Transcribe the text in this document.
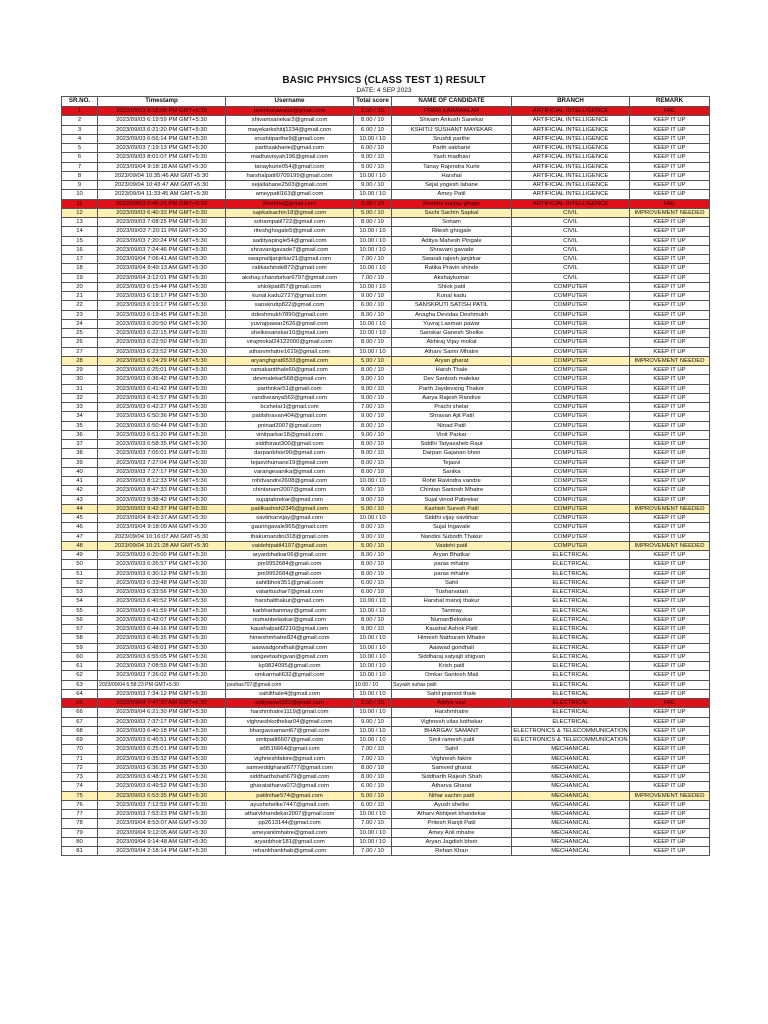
BASIC PHYSICS (CLASS TEST 1) RESULT
DATE: 4 SEP 2023
SR.NO.	Timestamp	Username	Total score	NAME OF CANDIDATE	BRANCH	REMARK
1	2023/09/03 8:18:08 PM GMT+5:30	premkarawalar@gmail.com	2.00 / 10	PREM KARAWALAR	ARTIFICIAL INTELLIGENCE	FAIL
2	2023/09/03 6:19:59 PM GMT+5:30	shivamsanekar3@gmail.com	8.00 / 10	Shivam Ankush Sanekar	ARTIFICIAL INTELLIGENCE	KEEP IT UP
3	2023/09/03 6:21:20 PM GMT+5:30	mayekarkshitij1234@gmail.com	6.00 / 10	KSHITIJ SUSHANT MAYEKAR	ARTIFICIAL INTELLIGENCE	KEEP IT UP
4	2023/09/03 6:56:14 PM GMT+5:30	srushtiparthe9@gmail.com	10.00 / 10	Srushti parthe	ARTIFICIAL INTELLIGENCE	KEEP IT UP
5	2023/09/03 7:19:13 PM GMT+5:30	parthsakharie@gmail.com	6.00 / 10	Parth sakharie	ARTIFICIAL INTELLIGENCE	KEEP IT UP
6	2023/09/03 8:01:07 PM GMT+5:30	madhavisyah196@gmail.com	9.00 / 10	Yash madhavi	ARTIFICIAL INTELLIGENCE	KEEP IT UP
7	2023/09/04 9:18:18 AM GMT+5:30	tanaykurie054@gmail.com	9.00 / 10	Tanay Rajendra Kurle	ARTIFICIAL INTELLIGENCE	KEEP IT UP
8	2023/09/04 10:35:46 AM GMT+5:30	harshalpatil0709199@gmail.com	10.00 / 10	Harshal	ARTIFICIAL INTELLIGENCE	KEEP IT UP
9	2023/09/04 10:43:47 AM GMT+5:30	sejallahane2503@gmail.com	9.00 / 10	Sejal yogesh lahane	ARTIFICIAL INTELLIGENCE	KEEP IT UP
10	2023/09/04 11:33:45 AM GMT+5:30	ameypatil163@gmail.com	10.00 / 10	Amey Patil	ARTIFICIAL INTELLIGENCE	KEEP IT UP
11	2023/09/03 6:46:21 PM GMT+5:30	Reshmi@gmail.com	3.00 / 10	Reshmi sanjay ghoge	ARTIFICIAL INTELLIGENCE	FAIL
12	2023/09/03 6:40:33 PM GMT+5:30	sapkalsachin18@gmail.com	5.00 / 10	Sachi Sachin Sapkal	CIVIL	IMPROVEMENT NEEDED
13	2023/09/03 7:08:25 PM GMT+5:30	sohampatil722@gmail.com	8.00 / 10	Soham	CIVIL	KEEP IT UP
14	2023/09/03 7:20:11 PM GMT+5:30	riteshghogale5@gmail.com	10.00 / 10	Ritesh ghogale	CIVIL	KEEP IT UP
15	2023/09/03 7:20:24 PM GMT+5:30	aadityapingle54@gmail.com	10.00 / 10	Aditya Mahesh Pingale	CIVIL	KEEP IT UP
16	2023/09/03 7:24:46 PM GMT+5:30	shravanigavade7@gmail.com	10.00 / 10	Shravani gavade	CIVIL	KEEP IT UP
17	2023/09/04 7:06:41 AM GMT+5:30	swapnalijanjirkar21@gmail.com	7.00 / 10	Swarali rajesh janjirkar	CIVIL	KEEP IT UP
18	2023/09/04 8:49:13 AM GMT+5:30	ratikashinde872@gmail.com	10.00 / 10	Ratika Pravin shinde	CIVIL	KEEP IT UP
19	2023/09/04 3:12:01 PM GMT+5:30	akshay.chandorkar6797@gmail.com	7.00 / 10	Akshaykumar	CIVIL	KEEP IT UP
20	2023/09/03 6:15:44 PM GMT+5:30	shlokpatil57@gmail.com	10.00 / 10	Shlok patil	COMPUTER	KEEP IT UP
21	2023/09/03 6:18:17 PM GMT+5:30	kunal.kadu2727@gmail.com	9.00 / 10	Kunal kadu	COMPUTER	KEEP IT UP
22	2023/09/03 6:19:17 PM GMT+5:30	sanskrutip822@gmail.com	6.00 / 10	SANSKRUTI SATISH PATIL	COMPUTER	KEEP IT UP
23	2023/09/03 6:19:45 PM GMT+5:30	ddeshmukh7890@gmail.com	8.00 / 10	Anagha Devidas Deshmukh	COMPUTER	KEEP IT UP
24	2023/09/03 6:20:50 PM GMT+5:30	yuvrajpawar2626@gmail.com	10.00 / 10	Yuvraj Laxman pawar	COMPUTER	KEEP IT UP
25	2023/09/03 6:22:15 PM GMT+5:30	shelkesanskar10@gmail.com	10.00 / 10	Sanskar Ganesh Shelke	COMPUTER	KEEP IT UP
26	2023/09/03 6:22:50 PM GMT+5:30	virajmokal24122000@gmail.com	8.00 / 10	Abhiraj Vijay mokal	COMPUTER	KEEP IT UP
27	2023/09/03 6:22:52 PM GMT+5:30	atharvmhatre1619@gmail.com	10.00 / 10	Atharv Samir Mhatre	COMPUTER	KEEP IT UP
28	2023/09/03 6:24:29 PM GMT+5:30	aryanghgrat6533@gmail.com	5.00 / 10	Aryan gharat	COMPUTER	IMPROVEMENT NEEDED
29	2023/09/03 6:25:01 PM GMT+5:30	ramakantthale60@gmail.com	8.00 / 10	Harsh Thale	COMPUTER	KEEP IT UP
30	2023/09/03 6:36:42 PM GMT+5:30	devmalekar568@gmail.com	9.00 / 10	Dev Santosh malekar	COMPUTER	KEEP IT UP
31	2023/09/03 6:41:42 PM GMT+5:30	parthnkar51@gmail.com	9.00 / 10	Parth Jaydevsing Thakor	COMPUTER	KEEP IT UP
32	2023/09/03 6:41:57 PM GMT+5:30	randiveanya562@gmail.com	9.00 / 10	Aarya Rajesh Randive	COMPUTER	KEEP IT UP
33	2023/09/03 6:42:27 PM GMT+5:30	bcshelar1@gmail.com	7.00 / 10	Prachi shelar	COMPUTER	KEEP IT UP
34	2023/09/03 6:50:36 PM GMT+5:30	patilshravan404@gmail.com	9.00 / 10	Shravan Ajit Patil	COMPUTER	KEEP IT UP
35	2023/09/03 6:50:44 PM GMT+5:30	pninad2007@gmail.com	8.00 / 10	Ninad Patil	COMPUTER	KEEP IT UP
36	2023/09/03 6:51:20 PM GMT+5:30	vinitparkar18@gmail.com	9.00 / 10	Vinit Parkar	COMPUTER	KEEP IT UP
37	2023/09/03 6:58:35 PM GMT+5:30	siddhiraut300@gmail.com	8.00 / 10	Siddhi Tatyasaheb Raut	COMPUTER	KEEP IT UP
38	2023/09/03 7:05:01 PM GMT+5:30	darpanbhoir90@gmail.com	8.00 / 10	Darpan Gajanan bhoir	COMPUTER	KEEP IT UP
39	2023/09/03 7:27:04 PM GMT+5:30	tejasvihumane19@gmail.com	8.00 / 10	Tejasvi	COMPUTER	KEEP IT UP
40	2023/09/03 7:27:17 PM GMT+5:30	varangesanika@gmail.com	8.00 / 10	Sanika	COMPUTER	KEEP IT UP
41	2023/09/03 8:12:33 PM GMT+5:30	rohitvandre2608@gmail.com	10.00 / 10	Rohit Ravindra vandre	COMPUTER	KEEP IT UP
42	2023/09/03 8:47:33 PM GMT+5:30	chintanam2007@gmail.com	9.00 / 10	Chintan Santosh Mhatre	COMPUTER	KEEP IT UP
43	2023/09/03 9:38:42 PM GMT+5:30	sujupabrekar@gmail.com	9.00 / 10	Sujal vinod Pabrekar	COMPUTER	KEEP IT UP
44	2023/09/03 9:42:37 PM GMT+5:30	patilkashish2345@gmail.com	5.00 / 10	Kashish Suresh Patil	COMPUTER	IMPROVEMENT NEEDED
45	2023/09/04 8:43:37 AM GMT+5:30	savtirkarvijay@gmail.com	10.00 / 10	Siddhi vijay savtirkar	COMPUTER	KEEP IT UP
46	2023/09/04 9:18:09 AM GMT+5:30	gauringavale965@gmail.com	8.00 / 10	Sujal Ingavale	COMPUTER	KEEP IT UP
47	2023/09/04 10:16:07 AM GMT+5:30	thakurnandini318@gmail.com	9.00 / 10	Nandini Subodh Thakur	COMPUTER	KEEP IT UP
48	2023/09/04 10:21:28 AM GMT+5:30	vaidehipatil4107@gmail.com	5.00 / 10	Vaidehi patil	COMPUTER	IMPROVEMENT NEEDED
49	2023/09/03 6:20:00 PM GMT+5:30	aryanbhatkar06@gmail.com	8.00 / 10	Aryan Bhatkar	ELECTRICAL	KEEP IT UP
50	2023/09/03 6:26:57 PM GMT+5:30	pm9952684@gmail.com	8.00 / 10	paras mhatre	ELECTRICAL	KEEP IT UP
51	2023/09/03 6:30:12 PM GMT+5:30	pm9952684@gmail.com	8.00 / 10	paras mhatre	ELECTRICAL	KEEP IT UP
52	2023/09/03 6:33:48 PM GMT+5:30	sahilbhoir351@gmail.com	6.00 / 10	Sahil	ELECTRICAL	KEEP IT UP
53	2023/09/03 6:33:56 PM GMT+5:30	vatarituuhar7@gmail.com	6.00 / 10	Tusharvatari	ELECTRICAL	KEEP IT UP
54	2023/09/03 6:40:52 PM GMT+5:30	harshalthakur@gmail.com	10.00 / 10	Harshal manoj thakur	ELECTRICAL	KEEP IT UP
55	2023/09/03 6:41:59 PM GMT+5:30	karbharitanmay@gmail.com	10.00 / 10	Tanmay	ELECTRICAL	KEEP IT UP
56	2023/09/03 6:42:07 PM GMT+5:30	numanbelaskar@gmail.com	8.00 / 10	NumanBeloskar	ELECTRICAL	KEEP IT UP
57	2023/09/03 6:44:16 PM GMT+5:30	kaushalpatil2210@gmail.com	9.00 / 10	Kaushal Ashok Patil	ELECTRICAL	KEEP IT UP
58	2023/09/03 6:46:35 PM GMT+5:30	himeshmhatre824@gmail.com	10.00 / 10	Himesh Nathuram Mhatre	ELECTRICAL	KEEP IT UP
59	2023/09/03 6:48:01 PM GMT+5:30	aaswadgondhali@gmail.com	10.00 / 10	Aaswad gondhali	ELECTRICAL	KEEP IT UP
60	2023/09/03 6:55:05 PM GMT+5:30	sangeetashigvan@gmail.com	10.00 / 10	Siddharaj satyajit shigvan	ELECTRICAL	KEEP IT UP
61	2023/09/03 7:08:59 PM GMT+5:30	kp9824095@gmail.com	10.00 / 10	Krish patil	ELECTRICAL	KEEP IT UP
62	2023/09/03 7:26:02 PM GMT+5:30	omkarmali632@gmail.com	10.00 / 10	Omkar Santosh Mali	ELECTRICAL	KEEP IT UP
63	2023/09/04 6:58:23 PM GMT+5:30	psuhas707@gmail.com	10.00 / 10	Suyash suhas patil	ELECTRICAL	KEEP IT UP
64	2023/09/03 7:34:12 PM GMT+5:30	sahilthale4@gmail.com	10.00 / 10	Sahil pramod thale	ELECTRICAL	KEEP IT UP
65	2023/09/04 7:47:37 AM GMT+5:30	adityavavi182@gmail.com	2.00 / 10	Aditya vavi	ELECTRICAL	FAIL
66	2023/09/04 6:21:30 PM GMT+5:30	harshmhatre1119@gmail.com	10.00 / 10	Harshmhatre	ELECTRICAL	KEEP IT UP
67	2023/09/03 7:37:17 PM GMT+5:30	vighneshkothekar04@gmail.com	9.00 / 10	Vighnesh vilas kothekar	ELECTRICAL	KEEP IT UP
68	2023/09/03 6:40:18 PM GMT+5:30	bhargavsamant67@gmail.com	10.00 / 10	BHARGAV SAMANT	ELECTRONICS & TELECOMMUNICATION	KEEP IT UP
69	2023/09/03 6:46:51 PM GMT+5:30	smitpatil6607@gmail.com	10.00 / 10	Smit ramesh patil	ELECTRONICS & TELECOMMUNICATION	KEEP IT UP
70	2023/09/03 6:25:01 PM GMT+5:30	st9516664@gmail.com	7.00 / 10	Sahil	MECHANICAL	KEEP IT UP
71	2023/09/03 6:35:32 PM GMT+5:30	vighneshfakire@gmail.com	7.00 / 10	Vighnesh fakire	MECHANICAL	KEEP IT UP
72	2023/09/03 6:36:35 PM GMT+5:30	samveddgharat6777@gmail.com	8.00 / 10	Samved gharat	MECHANICAL	KEEP IT UP
73	2023/09/03 6:48:21 PM GMT+5:30	siddharthshah679@gmail.com	8.00 / 10	Siddharth Rajesh Shah	MECHANICAL	KEEP IT UP
74	2023/09/03 6:49:52 PM GMT+5:30	gharatatharva072@gmail.com	6.00 / 10	Atharva Gharat	MECHANICAL	KEEP IT UP
75	2023/09/03 6:53:35 PM GMT+5:30	patilnihar574@gmail.com	5.00 / 10	Nihar sachin patil	MECHANICAL	IMPROVEMENT NEEDED
76	2023/09/03 7:12:59 PM GMT+5:30	ayushshelke7447@gmail.com	6.00 / 10	Ayush shelke	MECHANICAL	KEEP IT UP
77	2023/09/03 7:53:23 PM GMT+5:30	atharvkhandekar2007@gmail.com	10.00 / 10	Atharv Abhijeet khandekar	MECHANICAL	KEEP IT UP
78	2023/09/04 8:53:07 AM GMT+5:30	pp2613144@gmail.com	7.00 / 10	Pritesh Ranjit Patil	MECHANICAL	KEEP IT UP
79	2023/09/04 9:12:05 AM GMT+5:30	ameyanilmhatre@gmail.com	10.00 / 10	Amey Anil mhatre	MECHANICAL	KEEP IT UP
80	2023/09/04 9:14:48 AM GMT+5:30	aryanbhoir181@gmail.com	10.00 / 10	Aryan Jagdish bhoir	MECHANICAL	KEEP IT UP
81	2023/09/04 2:18:14 PM GMT+5:30	rehankhankhab@gmail.com	7.00 / 10	Rehan Khan	MECHANICAL	KEEP IT UP
